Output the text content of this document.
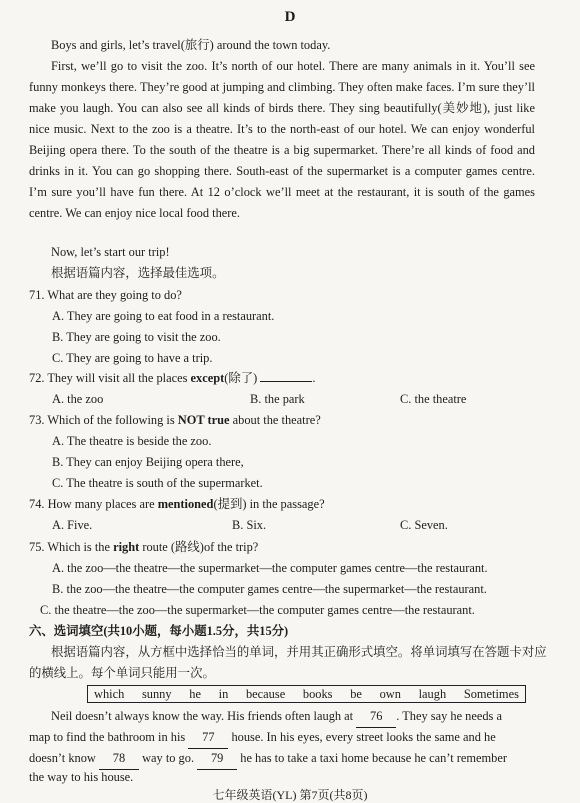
D
Boys and girls, let’s travel(旅行) around the town today.
First, we’ll go to visit the zoo. It’s north of our hotel. There are many animals in it. You’ll see funny monkeys there. They’re good at jumping and climbing. They often make faces. I’m sure they’ll make you laugh. You can also see all kinds of birds there. They sing beautifully(美妙地), just like nice music. Next to the zoo is a theatre. It’s to the north-east of our hotel. We can enjoy wonderful Beijing opera there. To the south of the theatre is a big supermarket. There’re all kinds of food and drinks in it. You can go shopping there. South-east of the supermarket is a computer games centre. I’m sure you’ll have fun there. At 12 o’clock we’ll meet at the restaurant, it is south of the games centre. We can enjoy nice local food there.
Now, let’s start our trip!
根据语篇内容，选择最佳选项。
71. What are they going to do?
A. They are going to eat food in a restaurant.
B. They are going to visit the zoo.
C. They are going to have a trip.
72. They will visit all the places except(除了)	.
A. the zoo	B. the park	C. the theatre
73. Which of the following is NOT true about the theatre?
A. The theatre is beside the zoo.
B. They can enjoy Beijing opera there,
C. The theatre is south of the supermarket.
74. How many places are mentioned(提到) in the passage?
A. Five.	B. Six.	C. Seven.
75. Which is the right route (路线)of the trip?
A. the zoo—the theatre—the supermarket—the computer games centre—the restaurant.
B. the zoo—the theatre—the computer games centre—the supermarket—the restaurant.
C. the theatre—the zoo—the supermarket—the computer games centre—the restaurant.
六、选词填空(共10小题，每小题1.5分，共15分)
根据语篇内容，从方框中选择恰当的单词，并用其正确形式填空。将单词填写在答题卡对应
的横线上。每个单词只能用一次。
which sunny he in because books be own laugh Sometimes
Neil doesn’t always know the way. His friends often laugh at 76 . They say he needs a
map to find the bathroom in his 77 house. In his eyes, every street looks the same and he
doesn’t know 78 way to go. 79 he has to take a taxi home because he can’t remember
the way to his house.
七年级英语(YL) 第7页(共8页)
